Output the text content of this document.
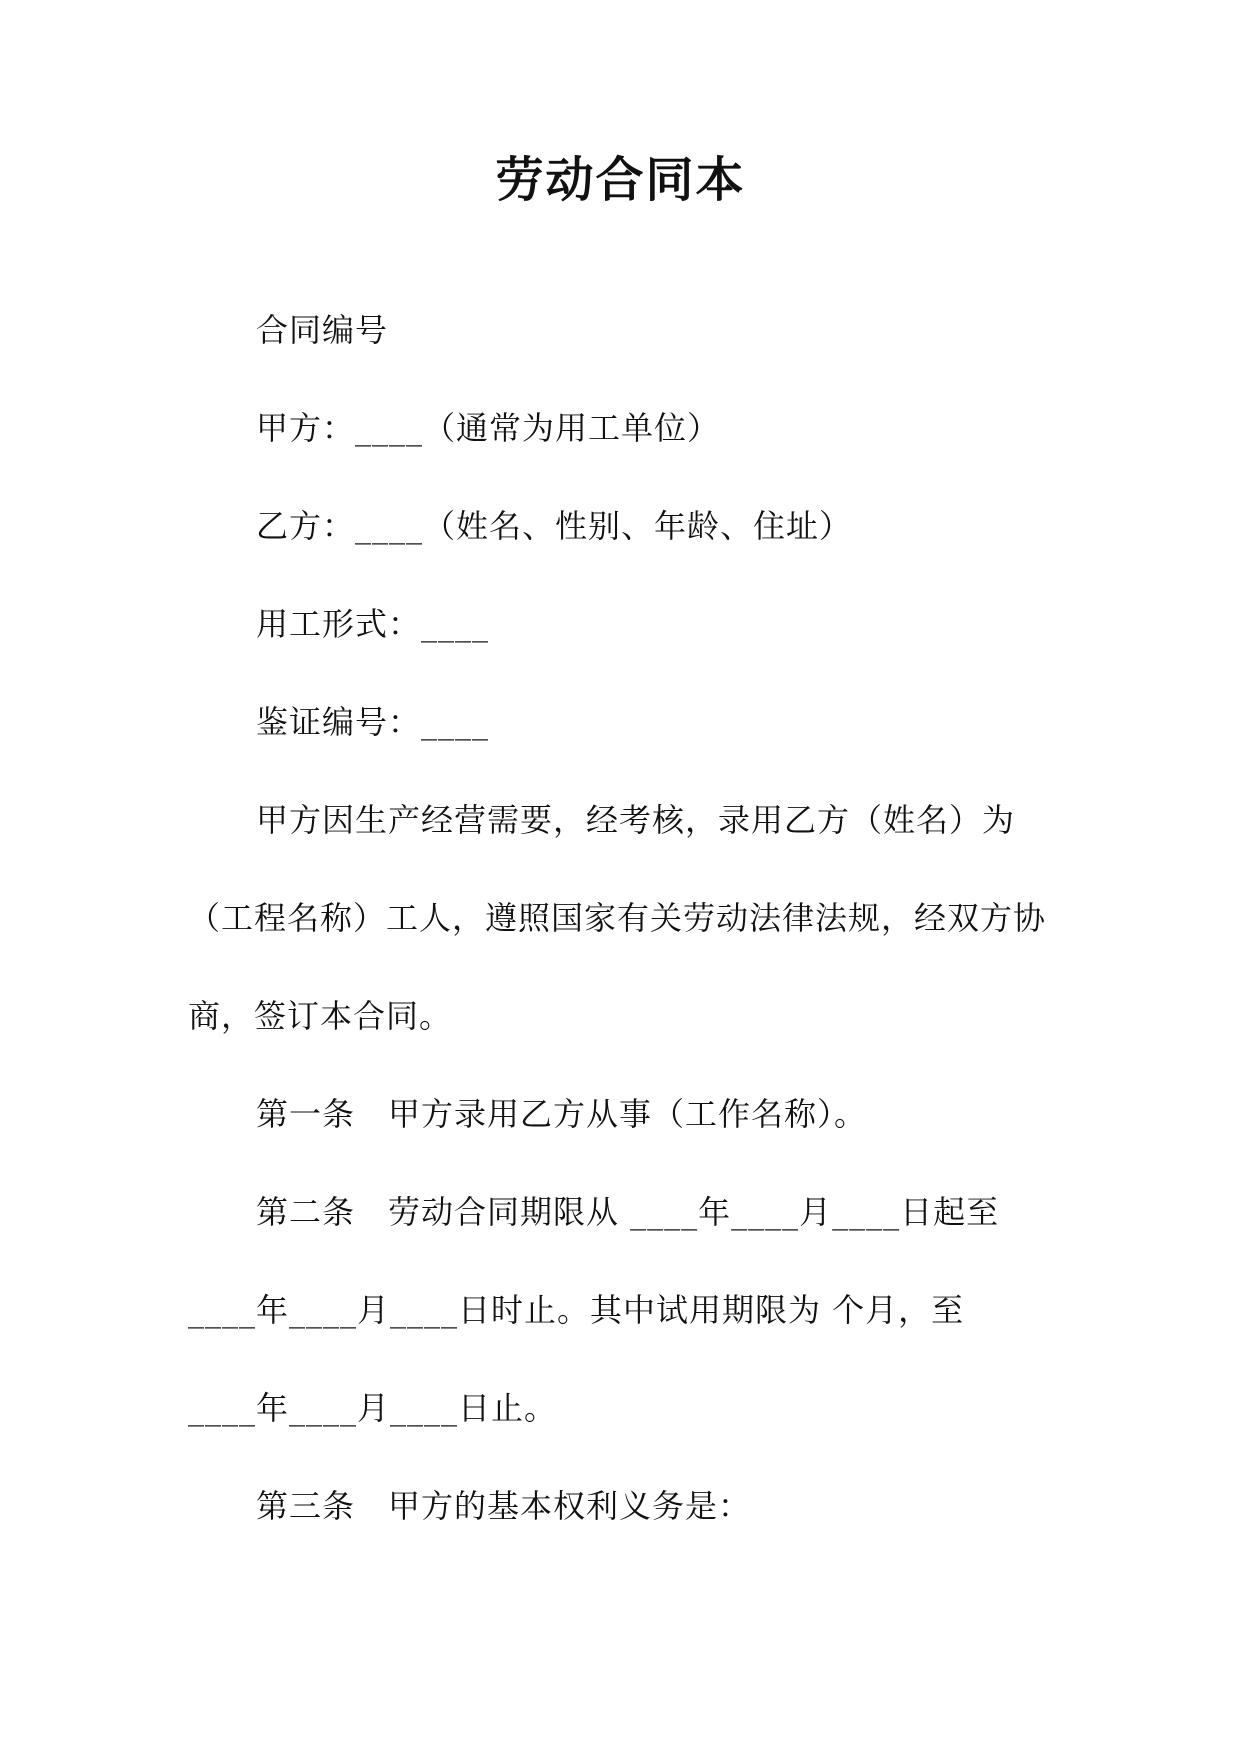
劳动合同本
合同编号
甲方：____（通常为用工单位）
乙方：____（姓名、性别、年龄、住址）
用工形式：____
鉴证编号：____
甲方因生产经营需要，经考核，录用乙方（姓名）为
（工程名称）工人，遵照国家有关劳动法律法规，经双方协
商，签订本合同。
第一条　甲方录用乙方从事（工作名称）。
第二条　劳动合同期限从 ____年____月____日起至
____年____月____日时止。其中试用期限为 个月，至
____年____月____日止。
第三条　甲方的基本权利义务是：
